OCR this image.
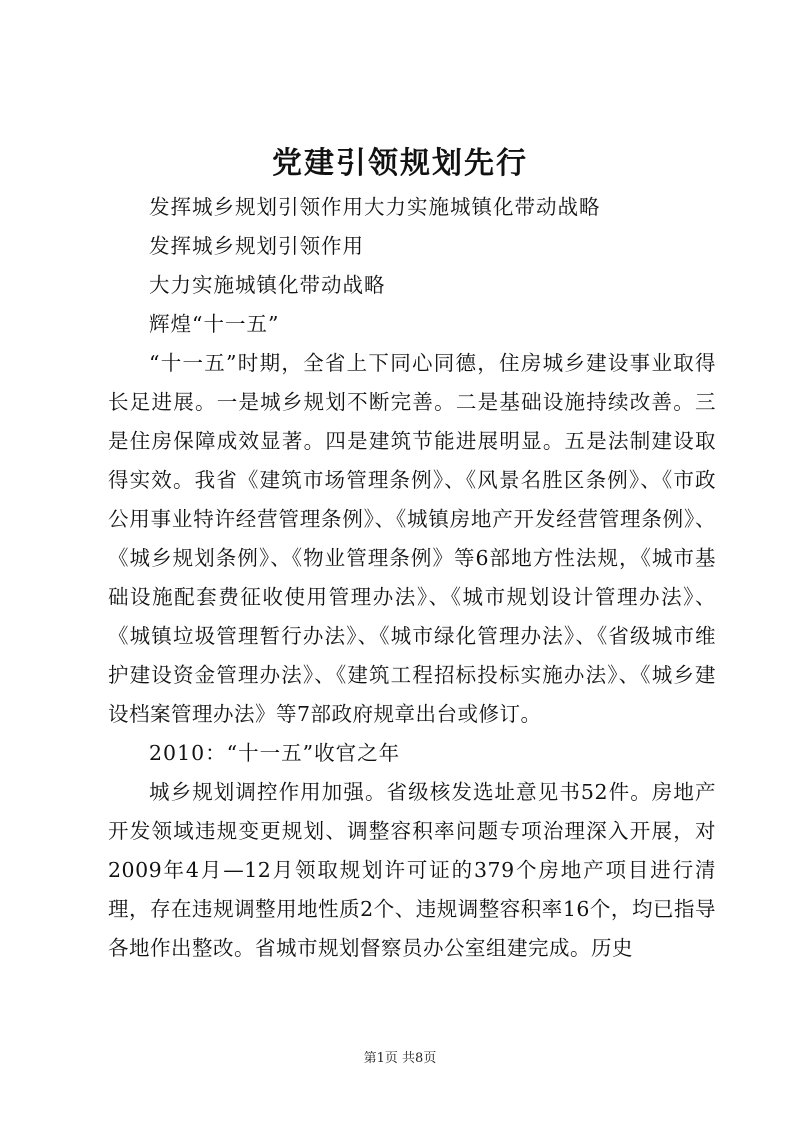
党建引领规划先行

发挥城乡规划引领作用大力实施城镇化带动战略

发挥城乡规划引领作用

大力实施城镇化带动战略

辉煌“十一五”

“十一五”时期，全省上下同心同德，住房城乡建设事业取得长足进展。一是城乡规划不断完善。二是基础设施持续改善。三是住房保障成效显著。四是建筑节能进展明显。五是法制建设取得实效。我省《建筑市场管理条例》、《风景名胜区条例》、《市政公用事业特许经营管理条例》、《城镇房地产开发经营管理条例》、《城乡规划条例》、《物业管理条例》等6部地方性法规，《城市基础设施配套费征收使用管理办法》、《城市规划设计管理办法》、《城镇垃圾管理暂行办法》、《城市绿化管理办法》、《省级城市维护建设资金管理办法》、《建筑工程招标投标实施办法》、《城乡建设档案管理办法》等7部政府规章出台或修订。

2010：“十一五”收官之年

城乡规划调控作用加强。省级核发选址意见书52件。房地产开发领域违规变更规划、调整容积率问题专项治理深入开展，对2009年4月—12月领取规划许可证的379个房地产项目进行清理，存在违规调整用地性质2个、违规调整容积率16个，均已指导各地作出整改。省城市规划督察员办公室组建完成。历史

第1页 共8页
